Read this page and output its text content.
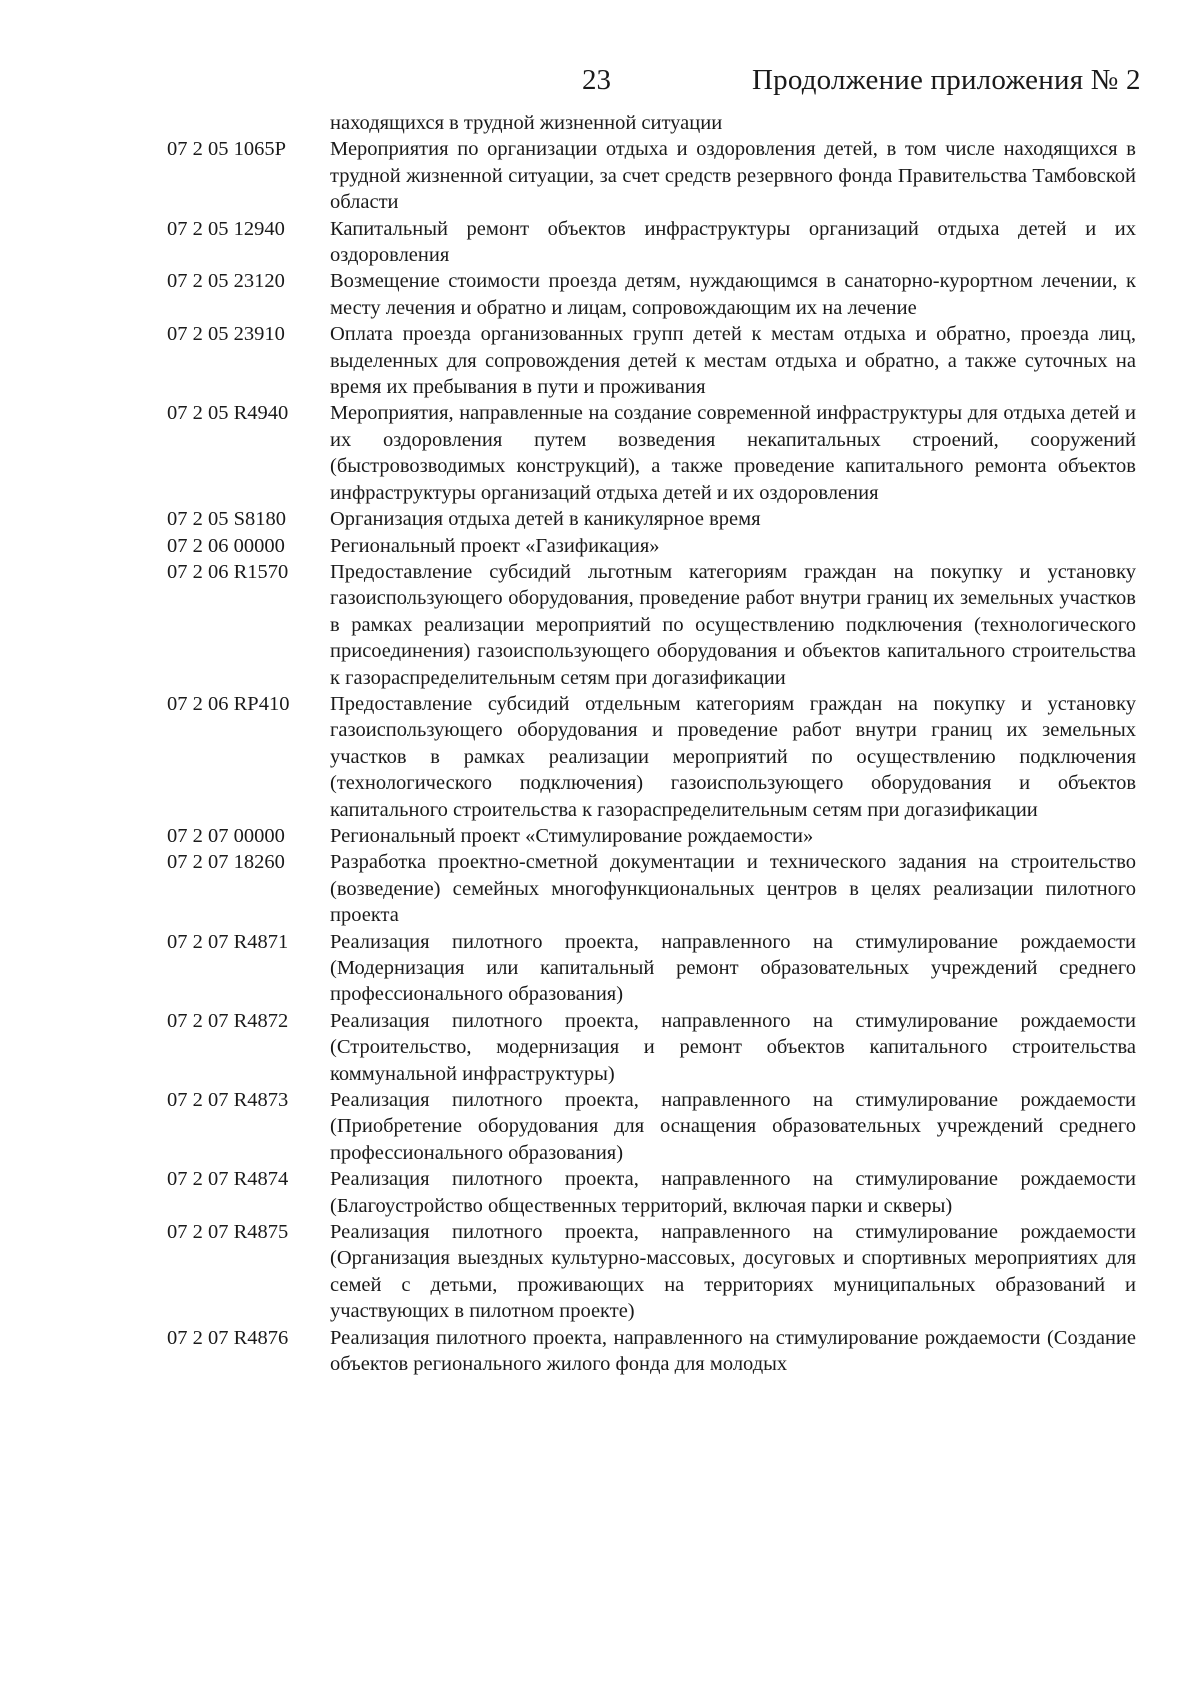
23	Продолжение приложения № 2
находящихся в трудной жизненной ситуации
07 2 05 1065Р	Мероприятия по организации отдыха и оздоровления детей, в том числе находящихся в трудной жизненной ситуации, за счет средств резервного фонда Правительства Тамбовской области
07 2 05 12940	Капитальный ремонт объектов инфраструктуры организаций отдыха детей и их оздоровления
07 2 05 23120	Возмещение стоимости проезда детям, нуждающимся в санаторно-курортном лечении, к месту лечения и обратно и лицам, сопровождающим их на лечение
07 2 05 23910	Оплата проезда организованных групп детей к местам отдыха и обратно, проезда лиц, выделенных для сопровождения детей к местам отдыха и обратно, а также суточных на время их пребывания в пути и проживания
07 2 05 R4940	Мероприятия, направленные на создание современной инфраструктуры для отдыха детей и их оздоровления путем возведения некапитальных строений, сооружений (быстровозводимых конструкций), а также проведение капитального ремонта объектов инфраструктуры организаций отдыха детей и их оздоровления
07 2 05 S8180	Организация отдыха детей в каникулярное время
07 2 06 00000	Региональный проект «Газификация»
07 2 06 R1570	Предоставление субсидий льготным категориям граждан на покупку и установку газоиспользующего оборудования, проведение работ внутри границ их земельных участков в рамках реализации мероприятий по осуществлению подключения (технологического присоединения) газоиспользующего оборудования и объектов капитального строительства к газораспределительным сетям при догазификации
07 2 06 RP410	Предоставление субсидий отдельным категориям граждан на покупку и установку газоиспользующего оборудования и проведение работ внутри границ их земельных участков в рамках реализации мероприятий по осуществлению подключения (технологического подключения) газоиспользующего оборудования и объектов капитального строительства к газораспределительным сетям при догазификации
07 2 07 00000	Региональный проект «Стимулирование рождаемости»
07 2 07 18260	Разработка проектно-сметной документации и технического задания на строительство (возведение) семейных многофункциональных центров в целях реализации пилотного проекта
07 2 07 R4871	Реализация пилотного проекта, направленного на стимулирование рождаемости (Модернизация или капитальный ремонт образовательных учреждений среднего профессионального образования)
07 2 07 R4872	Реализация пилотного проекта, направленного на стимулирование рождаемости (Строительство, модернизация и ремонт объектов капитального строительства коммунальной инфраструктуры)
07 2 07 R4873	Реализация пилотного проекта, направленного на стимулирование рождаемости (Приобретение оборудования для оснащения образовательных учреждений среднего профессионального образования)
07 2 07 R4874	Реализация пилотного проекта, направленного на стимулирование рождаемости (Благоустройство общественных территорий, включая парки и скверы)
07 2 07 R4875	Реализация пилотного проекта, направленного на стимулирование рождаемости (Организация выездных культурно-массовых, досуговых и спортивных мероприятиях для семей с детьми, проживающих на территориях муниципальных образований и участвующих в пилотном проекте)
07 2 07 R4876	Реализация пилотного проекта, направленного на стимулирование рождаемости (Создание объектов регионального жилого фонда для молодых
